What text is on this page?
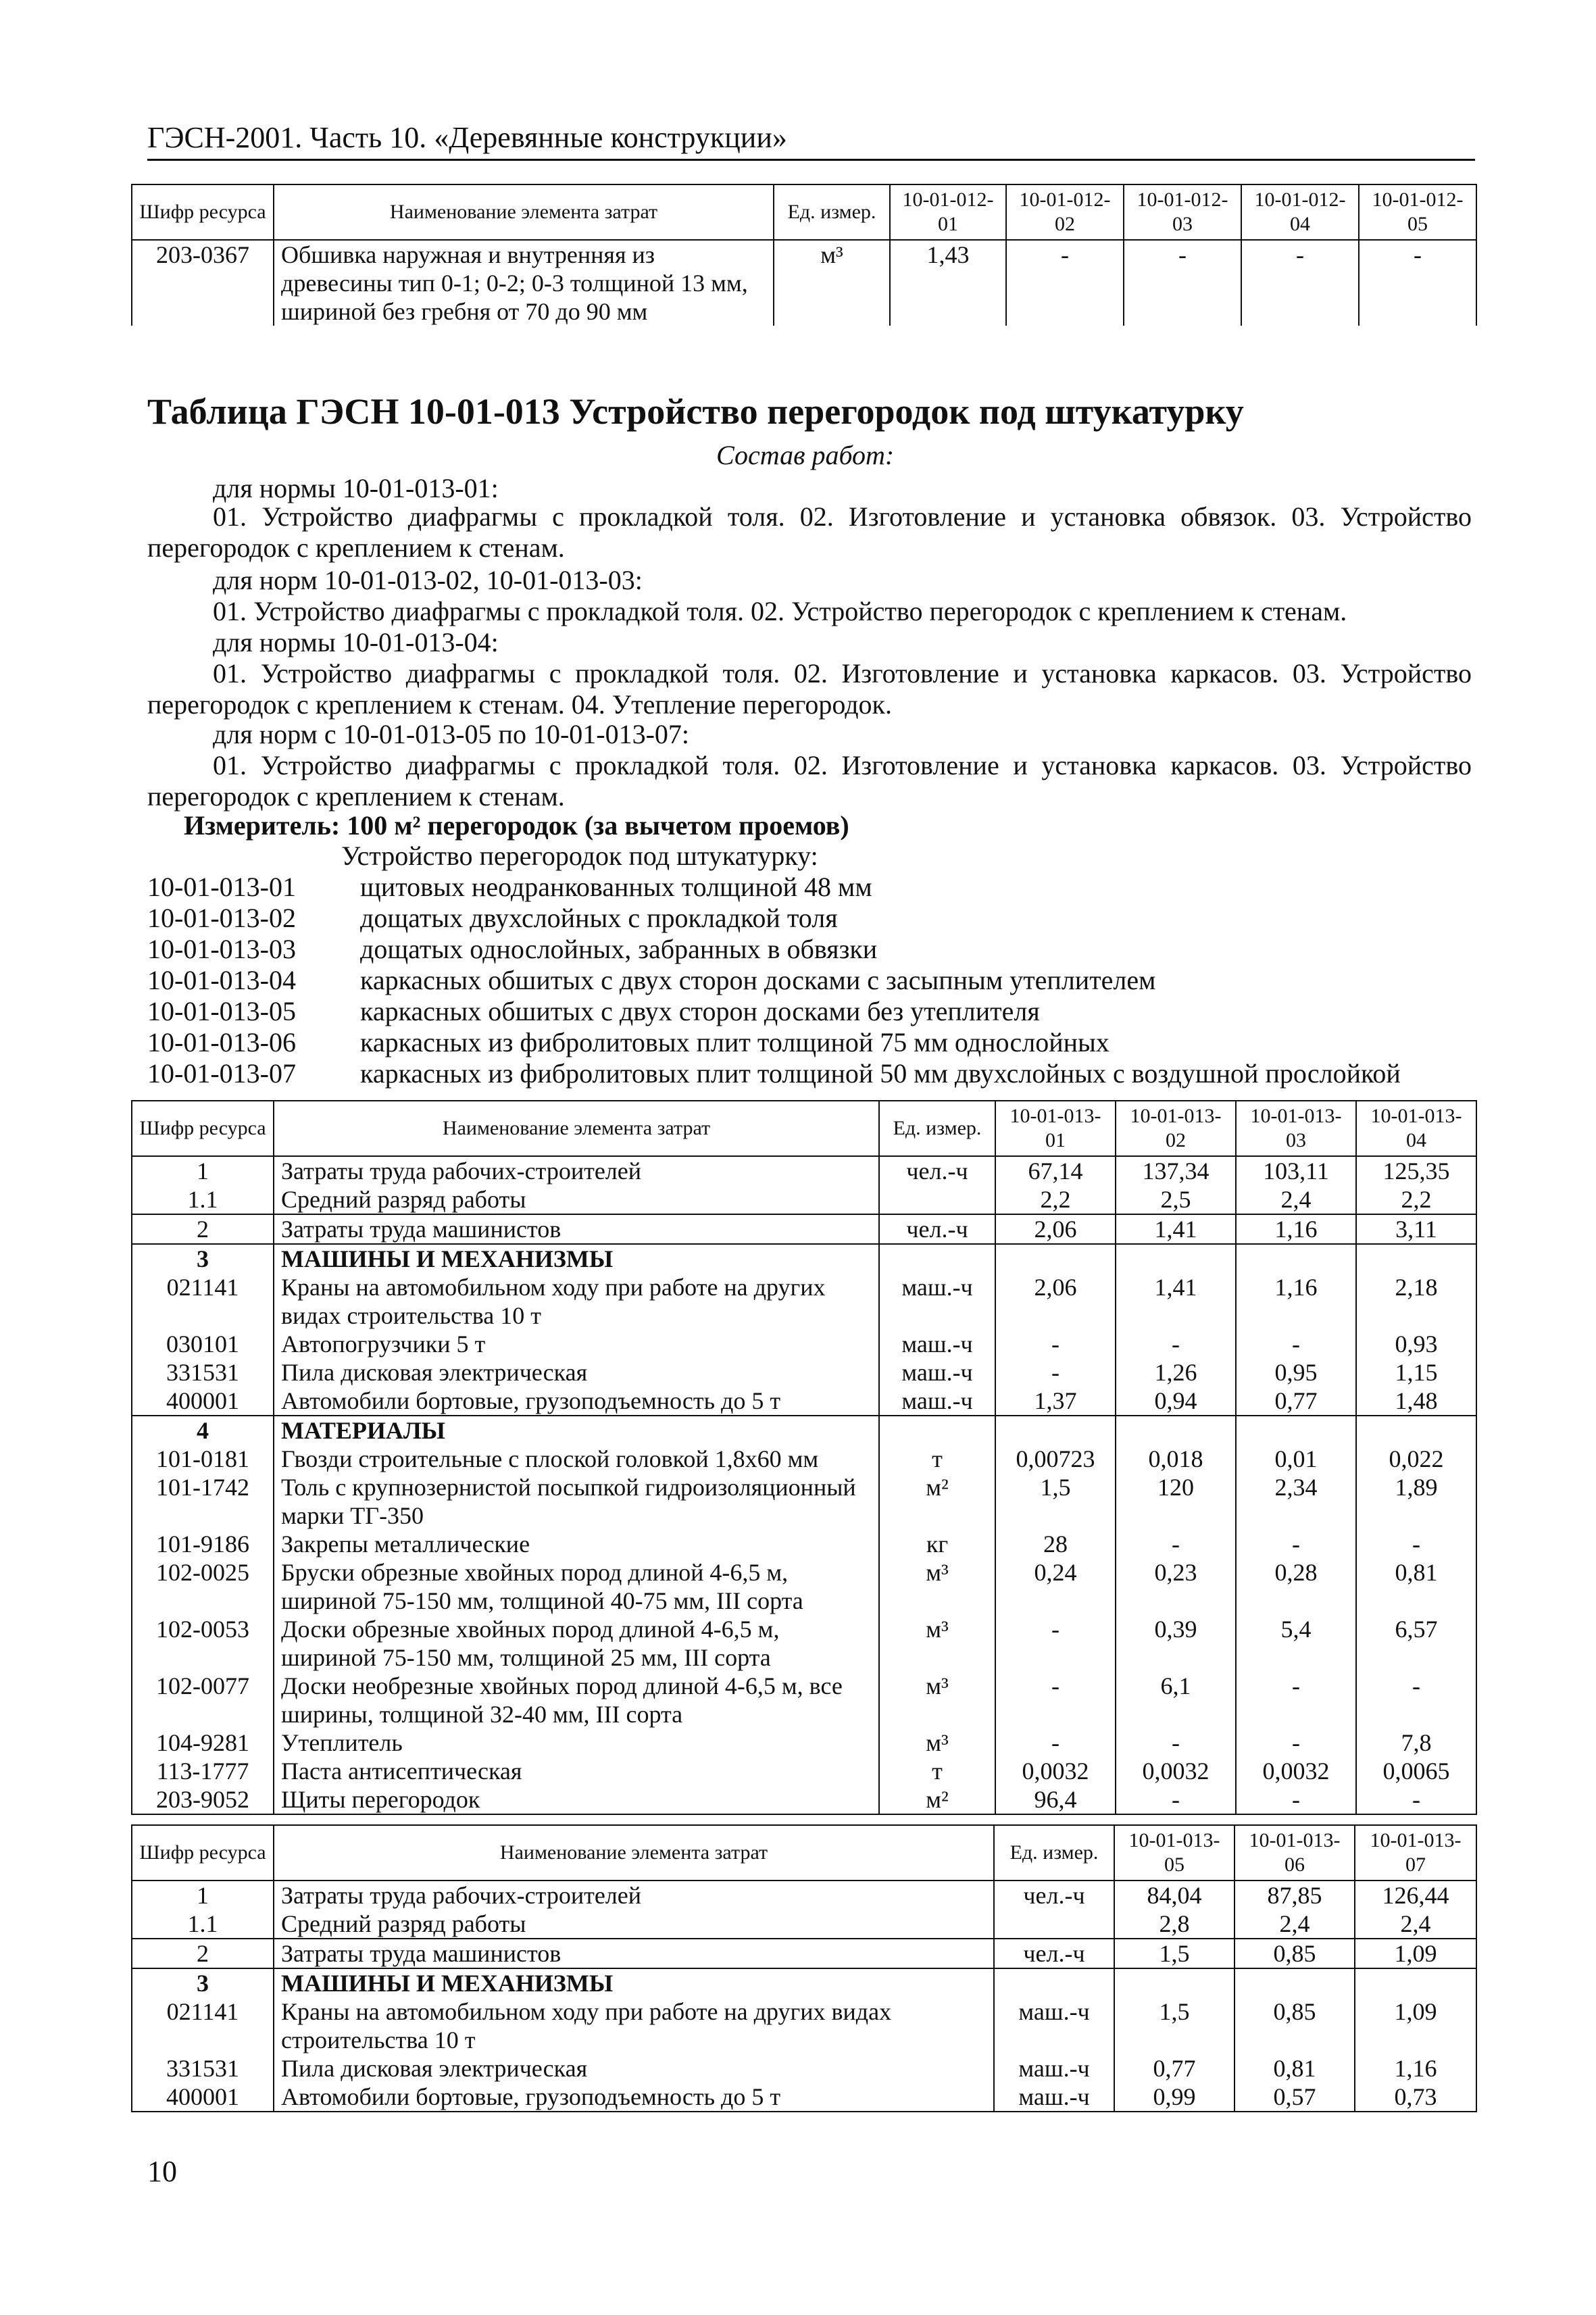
ГЭСН-2001. Часть 10. «Деревянные конструкции»
Шифр ресурса	Наименование элемента затрат	Ед. измер.	10-01-012-01	10-01-012-02	10-01-012-03	10-01-012-04	10-01-012-05
203-0367	Обшивка наружная и внутренняя из древесины тип 0-1; 0-2; 0-3 толщиной 13 мм, шириной без гребня от 70 до 90 мм	м³	1,43	-	-	-	-
Таблица ГЭСН 10-01-013 Устройство перегородок под штукатурку
Состав работ:
для нормы 10-01-013-01:
01. Устройство диафрагмы с прокладкой толя. 02. Изготовление и установка обвязок. 03. Устройство перегородок с креплением к стенам.
для норм 10-01-013-02, 10-01-013-03:
01. Устройство диафрагмы с прокладкой толя. 02. Устройство перегородок с креплением к стенам.
для нормы 10-01-013-04:
01. Устройство диафрагмы с прокладкой толя. 02. Изготовление и установка каркасов. 03. Устройство перегородок с креплением к стенам. 04. Утепление перегородок.
для норм с 10-01-013-05 по 10-01-013-07:
01. Устройство диафрагмы с прокладкой толя. 02. Изготовление и установка каркасов. 03. Устройство перегородок с креплением к стенам.
Измеритель: 100 м² перегородок (за вычетом проемов)
Устройство перегородок под штукатурку:
10-01-013-01 щитовых неодранкованных толщиной 48 мм
10-01-013-02 дощатых двухслойных с прокладкой толя
10-01-013-03 дощатых однослойных, забранных в обвязки
10-01-013-04 каркасных обшитых с двух сторон досками с засыпным утеплителем
10-01-013-05 каркасных обшитых с двух сторон досками без утеплителя
10-01-013-06 каркасных из фибролитовых плит толщиной 75 мм однослойных
10-01-013-07 каркасных из фибролитовых плит толщиной 50 мм двухслойных с воздушной прослойкой
Шифр ресурса	Наименование элемента затрат	Ед. измер.	10-01-013-01	10-01-013-02	10-01-013-03	10-01-013-04
1	Затраты труда рабочих-строителей	чел.-ч	67,14	137,34	103,11	125,35
1.1	Средний разряд работы		2,2	2,5	2,4	2,2
2	Затраты труда машинистов	чел.-ч	2,06	1,41	1,16	3,11
3	МАШИНЫ И МЕХАНИЗМЫ					
021141	Краны на автомобильном ходу при работе на других видах строительства 10 т	маш.-ч	2,06	1,41	1,16	2,18
030101	Автопогрузчики 5 т	маш.-ч	-	-	-	0,93
331531	Пила дисковая электрическая	маш.-ч	-	1,26	0,95	1,15
400001	Автомобили бортовые, грузоподъемность до 5 т	маш.-ч	1,37	0,94	0,77	1,48
4	МАТЕРИАЛЫ					
101-0181	Гвозди строительные с плоской головкой 1,8x60 мм	т	0,00723	0,018	0,01	0,022
101-1742	Толь с крупнозернистой посыпкой гидроизоляционный марки ТГ-350	м²	1,5	120	2,34	1,89
101-9186	Закрепы металлические	кг	28	-	-	-
102-0025	Бруски обрезные хвойных пород длиной 4-6,5 м, шириной 75-150 мм, толщиной 40-75 мм, III сорта	м³	0,24	0,23	0,28	0,81
102-0053	Доски обрезные хвойных пород длиной 4-6,5 м, шириной 75-150 мм, толщиной 25 мм, III сорта	м³	-	0,39	5,4	6,57
102-0077	Доски необрезные хвойных пород длиной 4-6,5 м, все ширины, толщиной 32-40 мм, III сорта	м³	-	6,1	-	-
104-9281	Утеплитель	м³	-	-	-	7,8
113-1777	Паста антисептическая	т	0,0032	0,0032	0,0032	0,0065
203-9052	Щиты перегородок	м²	96,4	-	-	-
Шифр ресурса	Наименование элемента затрат	Ед. измер.	10-01-013-05	10-01-013-06	10-01-013-07
1	Затраты труда рабочих-строителей	чел.-ч	84,04	87,85	126,44
1.1	Средний разряд работы		2,8	2,4	2,4
2	Затраты труда машинистов	чел.-ч	1,5	0,85	1,09
3	МАШИНЫ И МЕХАНИЗМЫ				
021141	Краны на автомобильном ходу при работе на других видах строительства 10 т	маш.-ч	1,5	0,85	1,09
331531	Пила дисковая электрическая	маш.-ч	0,77	0,81	1,16
400001	Автомобили бортовые, грузоподъемность до 5 т	маш.-ч	0,99	0,57	0,73
10
